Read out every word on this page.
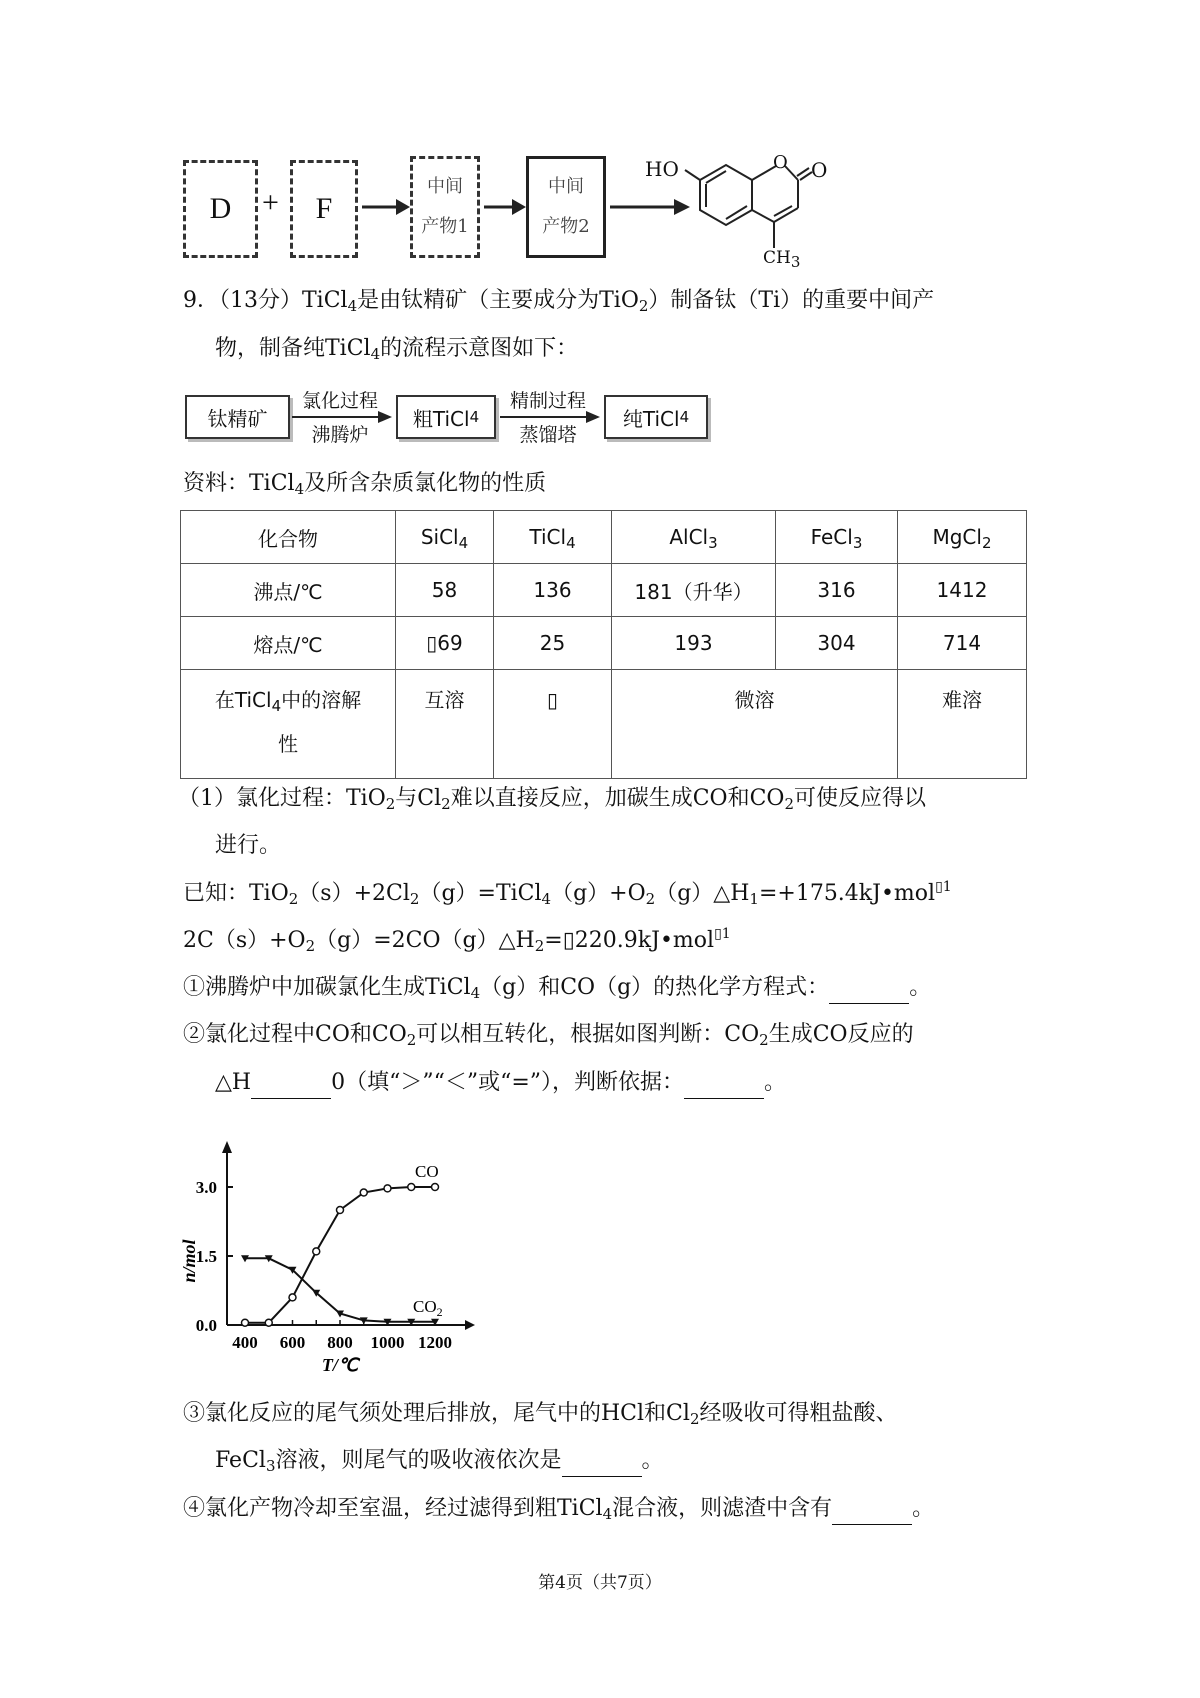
D + F
中间
产物1
中间
产物2
HO	O O
$CH_3$
9．（13分）TiCl$_4$是由钛精矿（主要成分为TiO$_2$）制备钛（Ti）的重要中间产
物，制备纯TiCl$_4$的流程示意图如下：
钛精矿
氯化过程
沸腾炉
粗TiCl 4
精制过程
蒸馏塔
纯TiCl 4
资料：TiCl$_4$及所含杂质氯化物的性质
化合物	SiCl$_4$	TiCl$_4$	AlCl$_3$	FeCl$_3$	MgCl$_2$
沸点/℃	58	136	181（升华）	316	1412
熔点/℃	▯69	25	193	304	714
在TiCl$_4$中的溶解
性	互溶	▯	微溶		难溶
（1）氯化过程：TiO$_2$与$Cl_2$难以直接反应，加碳生成CO和$CO_2$可使反应得以
进行。
已知：$TiO_2(s)+2Cl_2(g)=TiCl_4(g)+O_2(g)\triangle H_1=+175.4kJ•mol^{▯1}$
$2C(s)+O_2(g)=2CO(g)\triangle H_2=▯220.9kJ•mol^{▯1}$
①沸腾炉中加碳氯化生成TiCl$_4$（g）和CO（g）的热化学方程式：	。
②氯化过程中CO和$CO_2$可以相互转化，根据如图判断：$CO_2$生成CO反应的
△H	0（填“＞”“＜”或“=”），判断依据：	。
0.0
1.5
3.0
400 600 800 1000 1200
T/℃
n/mol
CO
$CO_2$
③氯化反应的尾气须处理后排放，尾气中的HCl和$Cl_2$经吸收可得粗盐酸、
FeCl$_3$溶液，则尾气的吸收液依次是	。
④氯化产物冷却至室温，经过滤得到粗TiCl$_4$混合液，则滤渣中含有	。
第4页（共7页）
